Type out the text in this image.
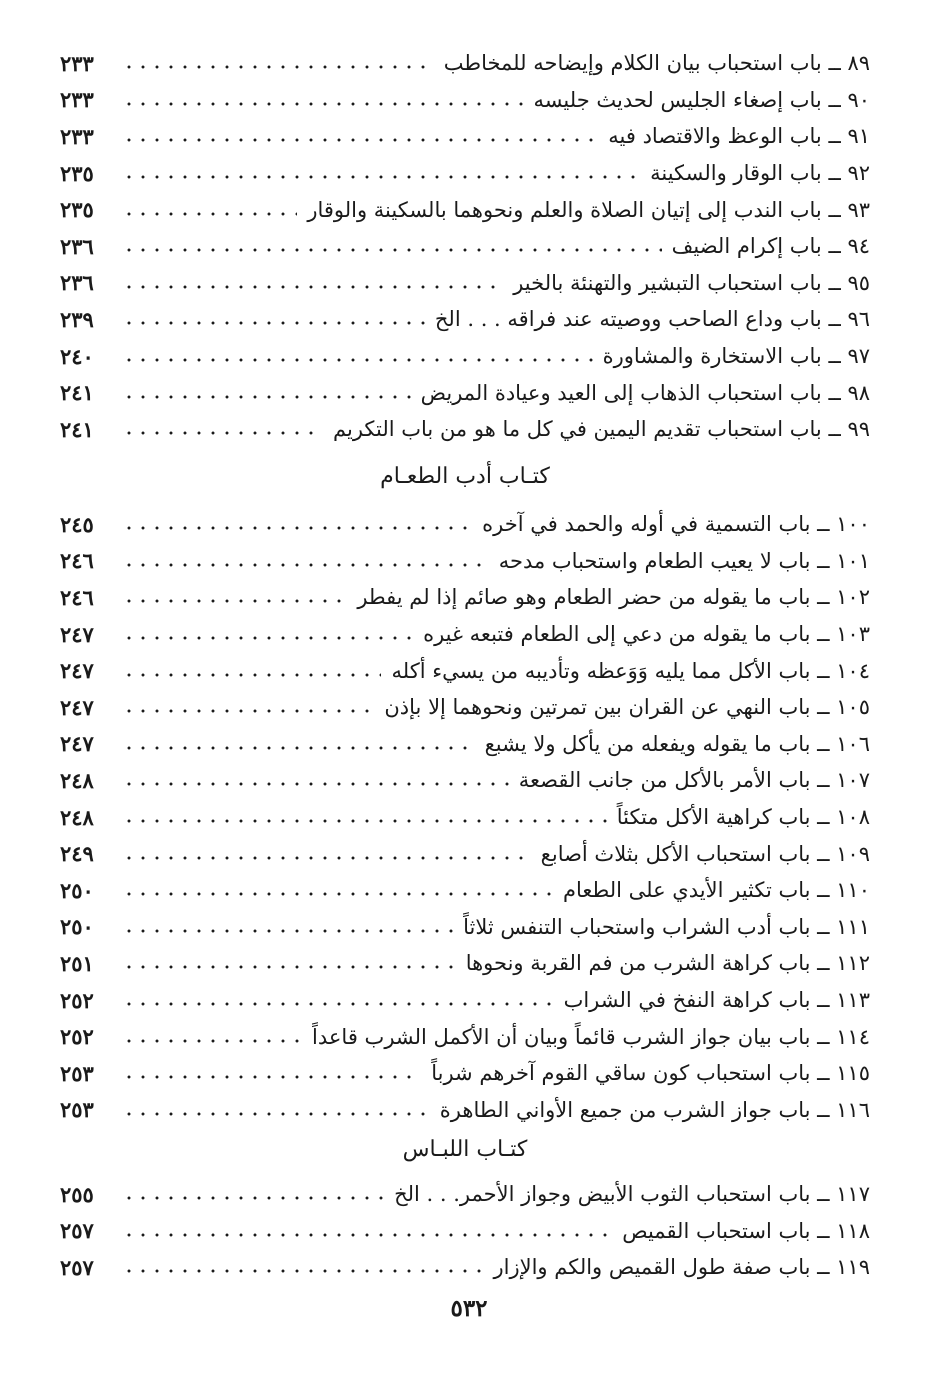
٨٩ ــ باب استحباب بيان الكلام وإيضاحه للمخاطب
٢٣٣
٩٠ ــ باب إصغاء الجليس لحديث جليسه
٢٣٣
٩١ ــ باب الوعظ والاقتصاد فيه
٢٣٣
٩٢ ــ باب الوقار والسكينة
٢٣٥
٩٣ ــ باب الندب إلى إتيان الصلاة والعلم ونحوهما بالسكينة والوقار
٢٣٥
٩٤ ــ باب إكرام الضيف
٢٣٦
٩٥ ــ باب استحباب التبشير والتهنئة بالخير
٢٣٦
٩٦ ــ باب وداع الصاحب ووصيته عند فراقه . . . الخ
٢٣٩
٩٧ ــ باب الاستخارة والمشاورة
٢٤٠
٩٨ ــ باب استحباب الذهاب إلى العيد وعيادة المريض
٢٤١
٩٩ ــ باب استحباب تقديم اليمين في كل ما هو من باب التكريم
٢٤١
كتـاب أدب الطعـام
١٠٠ ــ باب التسمية في أوله والحمد في آخره
٢٤٥
١٠١ ــ باب لا يعيب الطعام واستحباب مدحه
٢٤٦
١٠٢ ــ باب ما يقوله من حضر الطعام وهو صائم إذا لم يفطر
٢٤٦
١٠٣ ــ باب ما يقوله من دعي إلى الطعام فتبعه غيره
٢٤٧
١٠٤ ــ باب الأكل مما يليه وَوَعظه وتأديبه من يسيء أكله
٢٤٧
١٠٥ ــ باب النهي عن القران بين تمرتين ونحوهما إلا بإذن
٢٤٧
١٠٦ ــ باب ما يقوله ويفعله من يأكل ولا يشبع
٢٤٧
١٠٧ ــ باب الأمر بالأكل من جانب القصعة
٢٤٨
١٠٨ ــ باب كراهية الأكل متكئاً
٢٤٨
١٠٩ ــ باب استحباب الأكل بثلاث أصابع
٢٤٩
١١٠ ــ باب تكثير الأيدي على الطعام
٢٥٠
١١١ ــ باب أدب الشراب واستحباب التنفس ثلاثاً
٢٥٠
١١٢ ــ باب كراهة الشرب من فم القربة ونحوها
٢٥١
١١٣ ــ باب كراهة النفخ في الشراب
٢٥٢
١١٤ ــ باب بيان جواز الشرب قائماً وبيان أن الأكمل الشرب قاعداً
٢٥٢
١١٥ ــ باب استحباب كون ساقي القوم آخرهم شرباً
٢٥٣
١١٦ ــ باب جواز الشرب من جميع الأواني الطاهرة
٢٥٣
كتـاب اللبـاس
١١٧ ــ باب استحباب الثوب الأبيض وجواز الأحمر. . . الخ
٢٥٥
١١٨ ــ باب استحباب القميص
٢٥٧
١١٩ ــ باب صفة طول القميص والكم والإزار
٢٥٧
٥٣٢
